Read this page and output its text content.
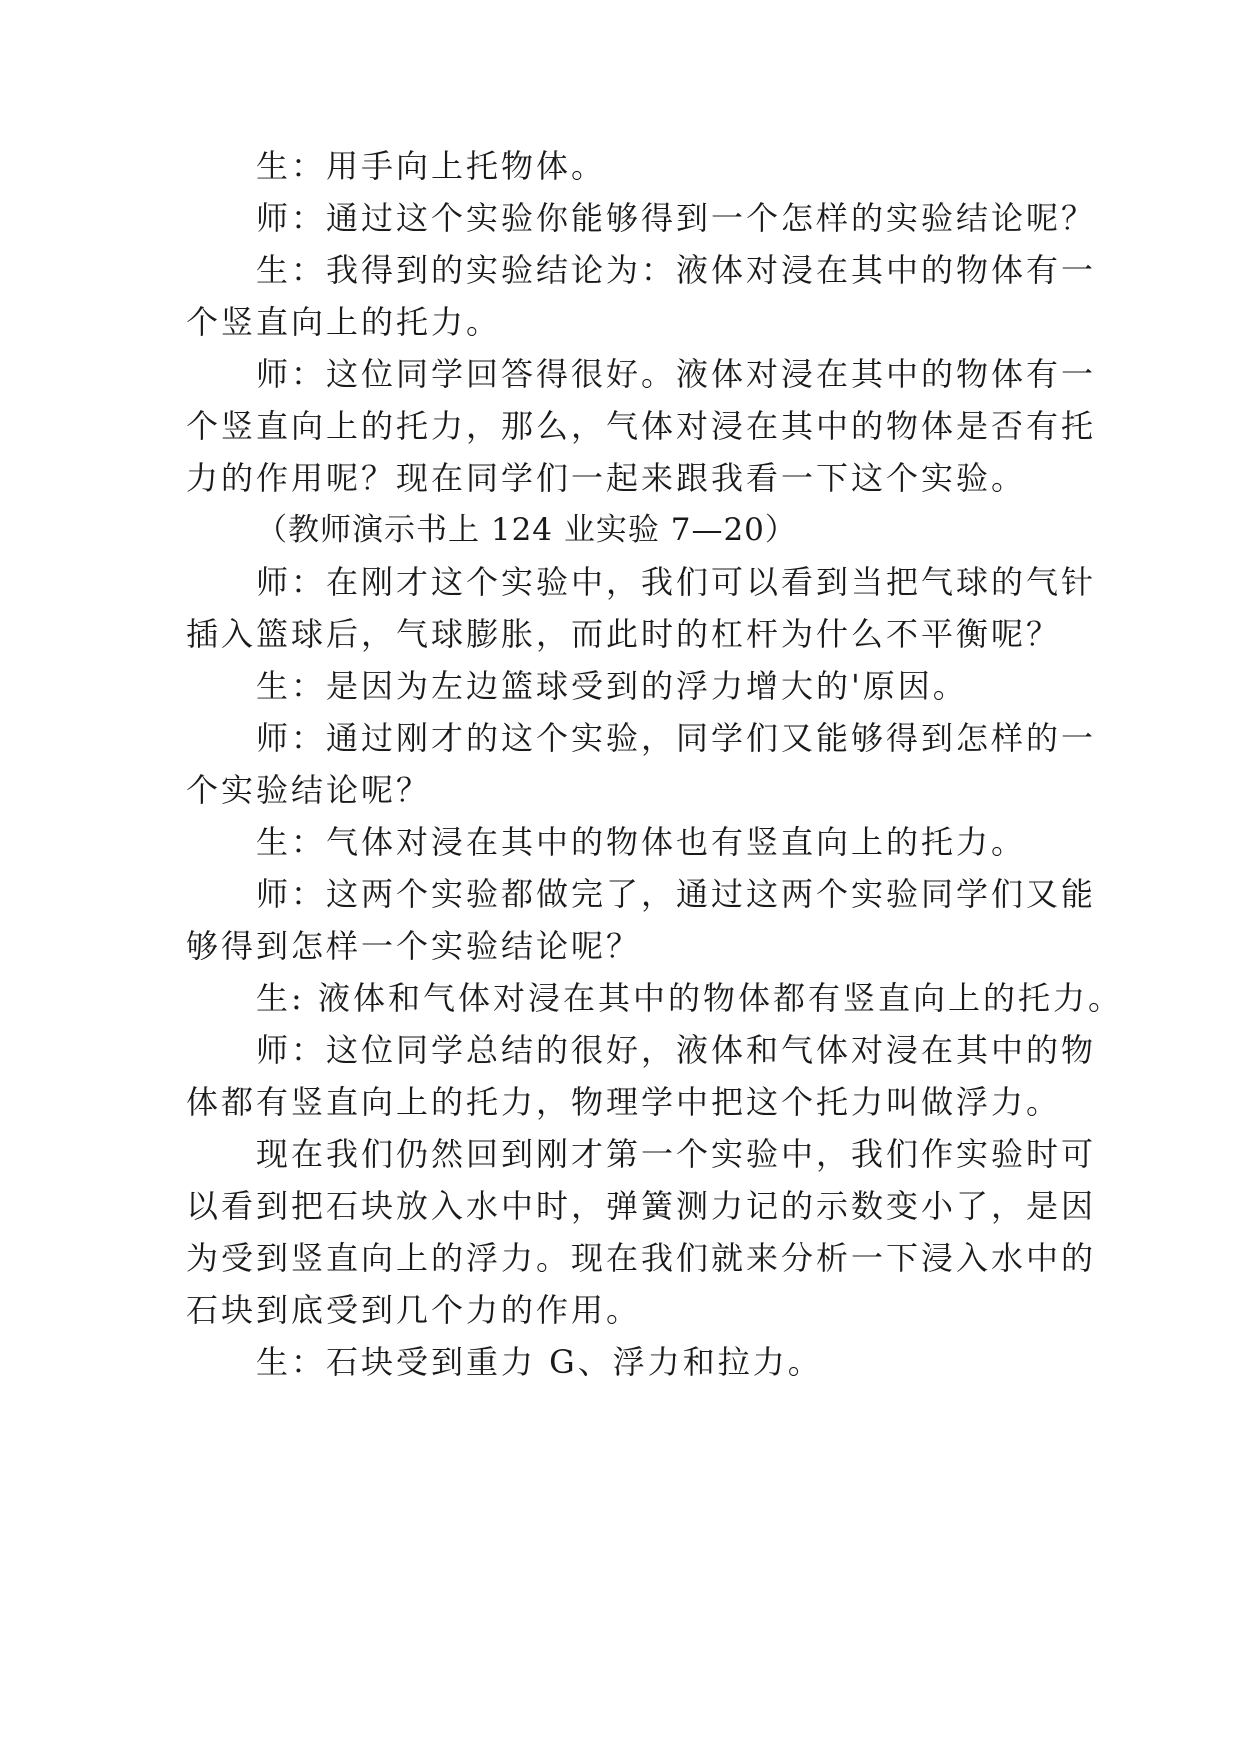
生：用手向上托物体。
师：通过这个实验你能够得到一个怎样的实验结论呢？
生：我得到的实验结论为：液体对浸在其中的物体有一
个竖直向上的托力。
师：这位同学回答得很好。液体对浸在其中的物体有一
个竖直向上的托力，那么，气体对浸在其中的物体是否有托
力的作用呢？现在同学们一起来跟我看一下这个实验。
（教师演示书上 124 业实验 7—20）
师：在刚才这个实验中，我们可以看到当把气球的气针
插入篮球后，气球膨胀，而此时的杠杆为什么不平衡呢？
生：是因为左边篮球受到的浮力增大的'原因。
师：通过刚才的这个实验，同学们又能够得到怎样的一
个实验结论呢？
生：气体对浸在其中的物体也有竖直向上的托力。
师：这两个实验都做完了，通过这两个实验同学们又能
够得到怎样一个实验结论呢？
生: 液体和气体对浸在其中的物体都有竖直向上的托力。
师：这位同学总结的很好，液体和气体对浸在其中的物
体都有竖直向上的托力，物理学中把这个托力叫做浮力。
现在我们仍然回到刚才第一个实验中，我们作实验时可
以看到把石块放入水中时，弹簧测力记的示数变小了，是因
为受到竖直向上的浮力。现在我们就来分析一下浸入水中的
石块到底受到几个力的作用。
生：石块受到重力 G、浮力和拉力。
